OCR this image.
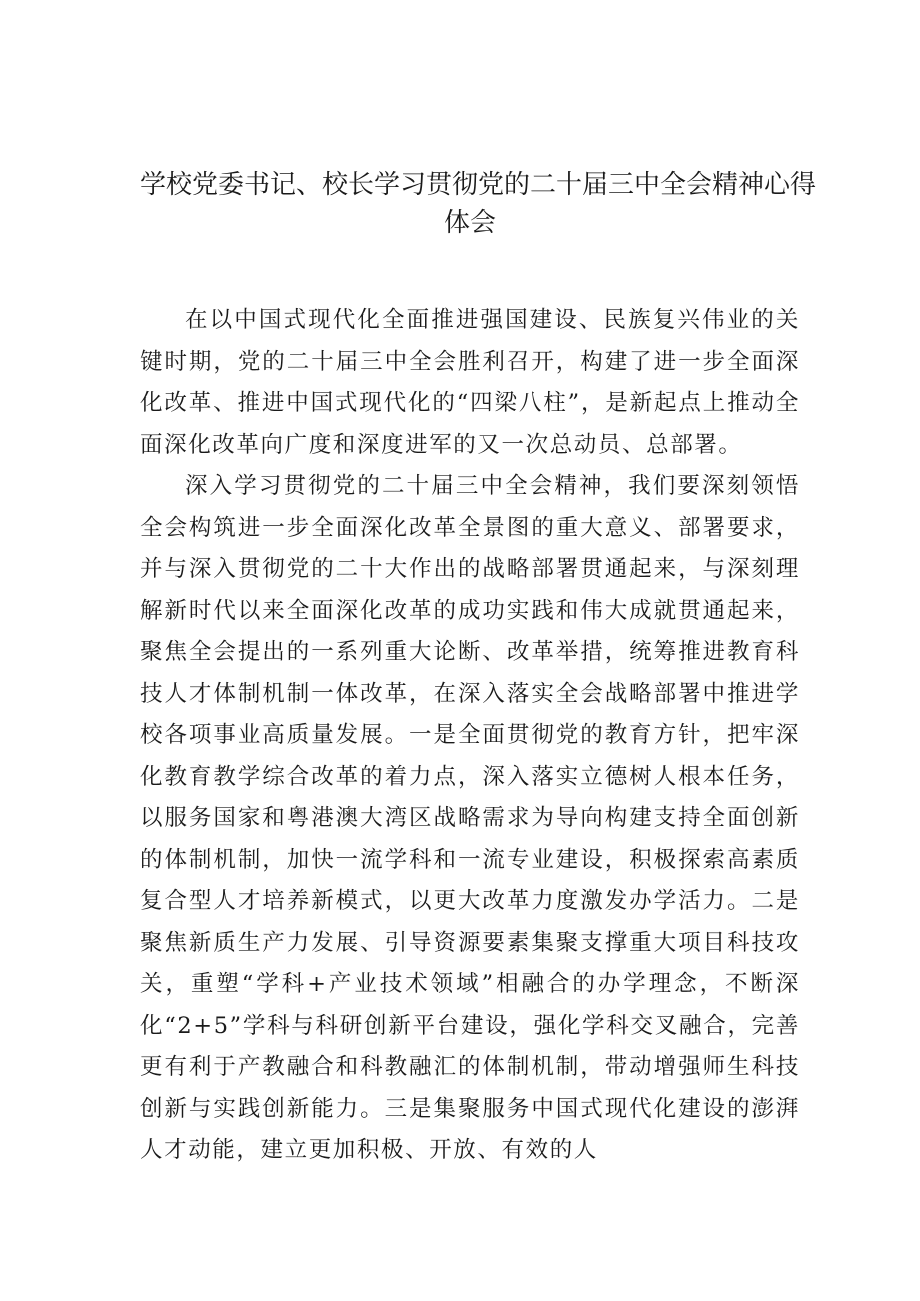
学校党委书记、校长学习贯彻党的二十届三中全会精神心得
体会

在以中国式现代化全面推进强国建设、民族复兴伟业的关键时期，党的二十届三中全会胜利召开，构建了进一步全面深化改革、推进中国式现代化的“四梁八柱”，是新起点上推动全面深化改革向广度和深度进军的又一次总动员、总部署。

深入学习贯彻党的二十届三中全会精神，我们要深刻领悟全会构筑进一步全面深化改革全景图的重大意义、部署要求，并与深入贯彻党的二十大作出的战略部署贯通起来，与深刻理解新时代以来全面深化改革的成功实践和伟大成就贯通起来，聚焦全会提出的一系列重大论断、改革举措，统筹推进教育科技人才体制机制一体改革，在深入落实全会战略部署中推进学校各项事业高质量发展。一是全面贯彻党的教育方针，把牢深化教育教学综合改革的着力点，深入落实立德树人根本任务，以服务国家和粤港澳大湾区战略需求为导向构建支持全面创新的体制机制，加快一流学科和一流专业建设，积极探索高素质复合型人才培养新模式，以更大改革力度激发办学活力。二是聚焦新质生产力发展、引导资源要素集聚支撑重大项目科技攻关，重塑“学科+产业技术领域”相融合的办学理念，不断深化“2+5”学科与科研创新平台建设，强化学科交叉融合，完善更有利于产教融合和科教融汇的体制机制，带动增强师生科技创新与实践创新能力。三是集聚服务中国式现代化建设的澎湃人才动能，建立更加积极、开放、有效的人
